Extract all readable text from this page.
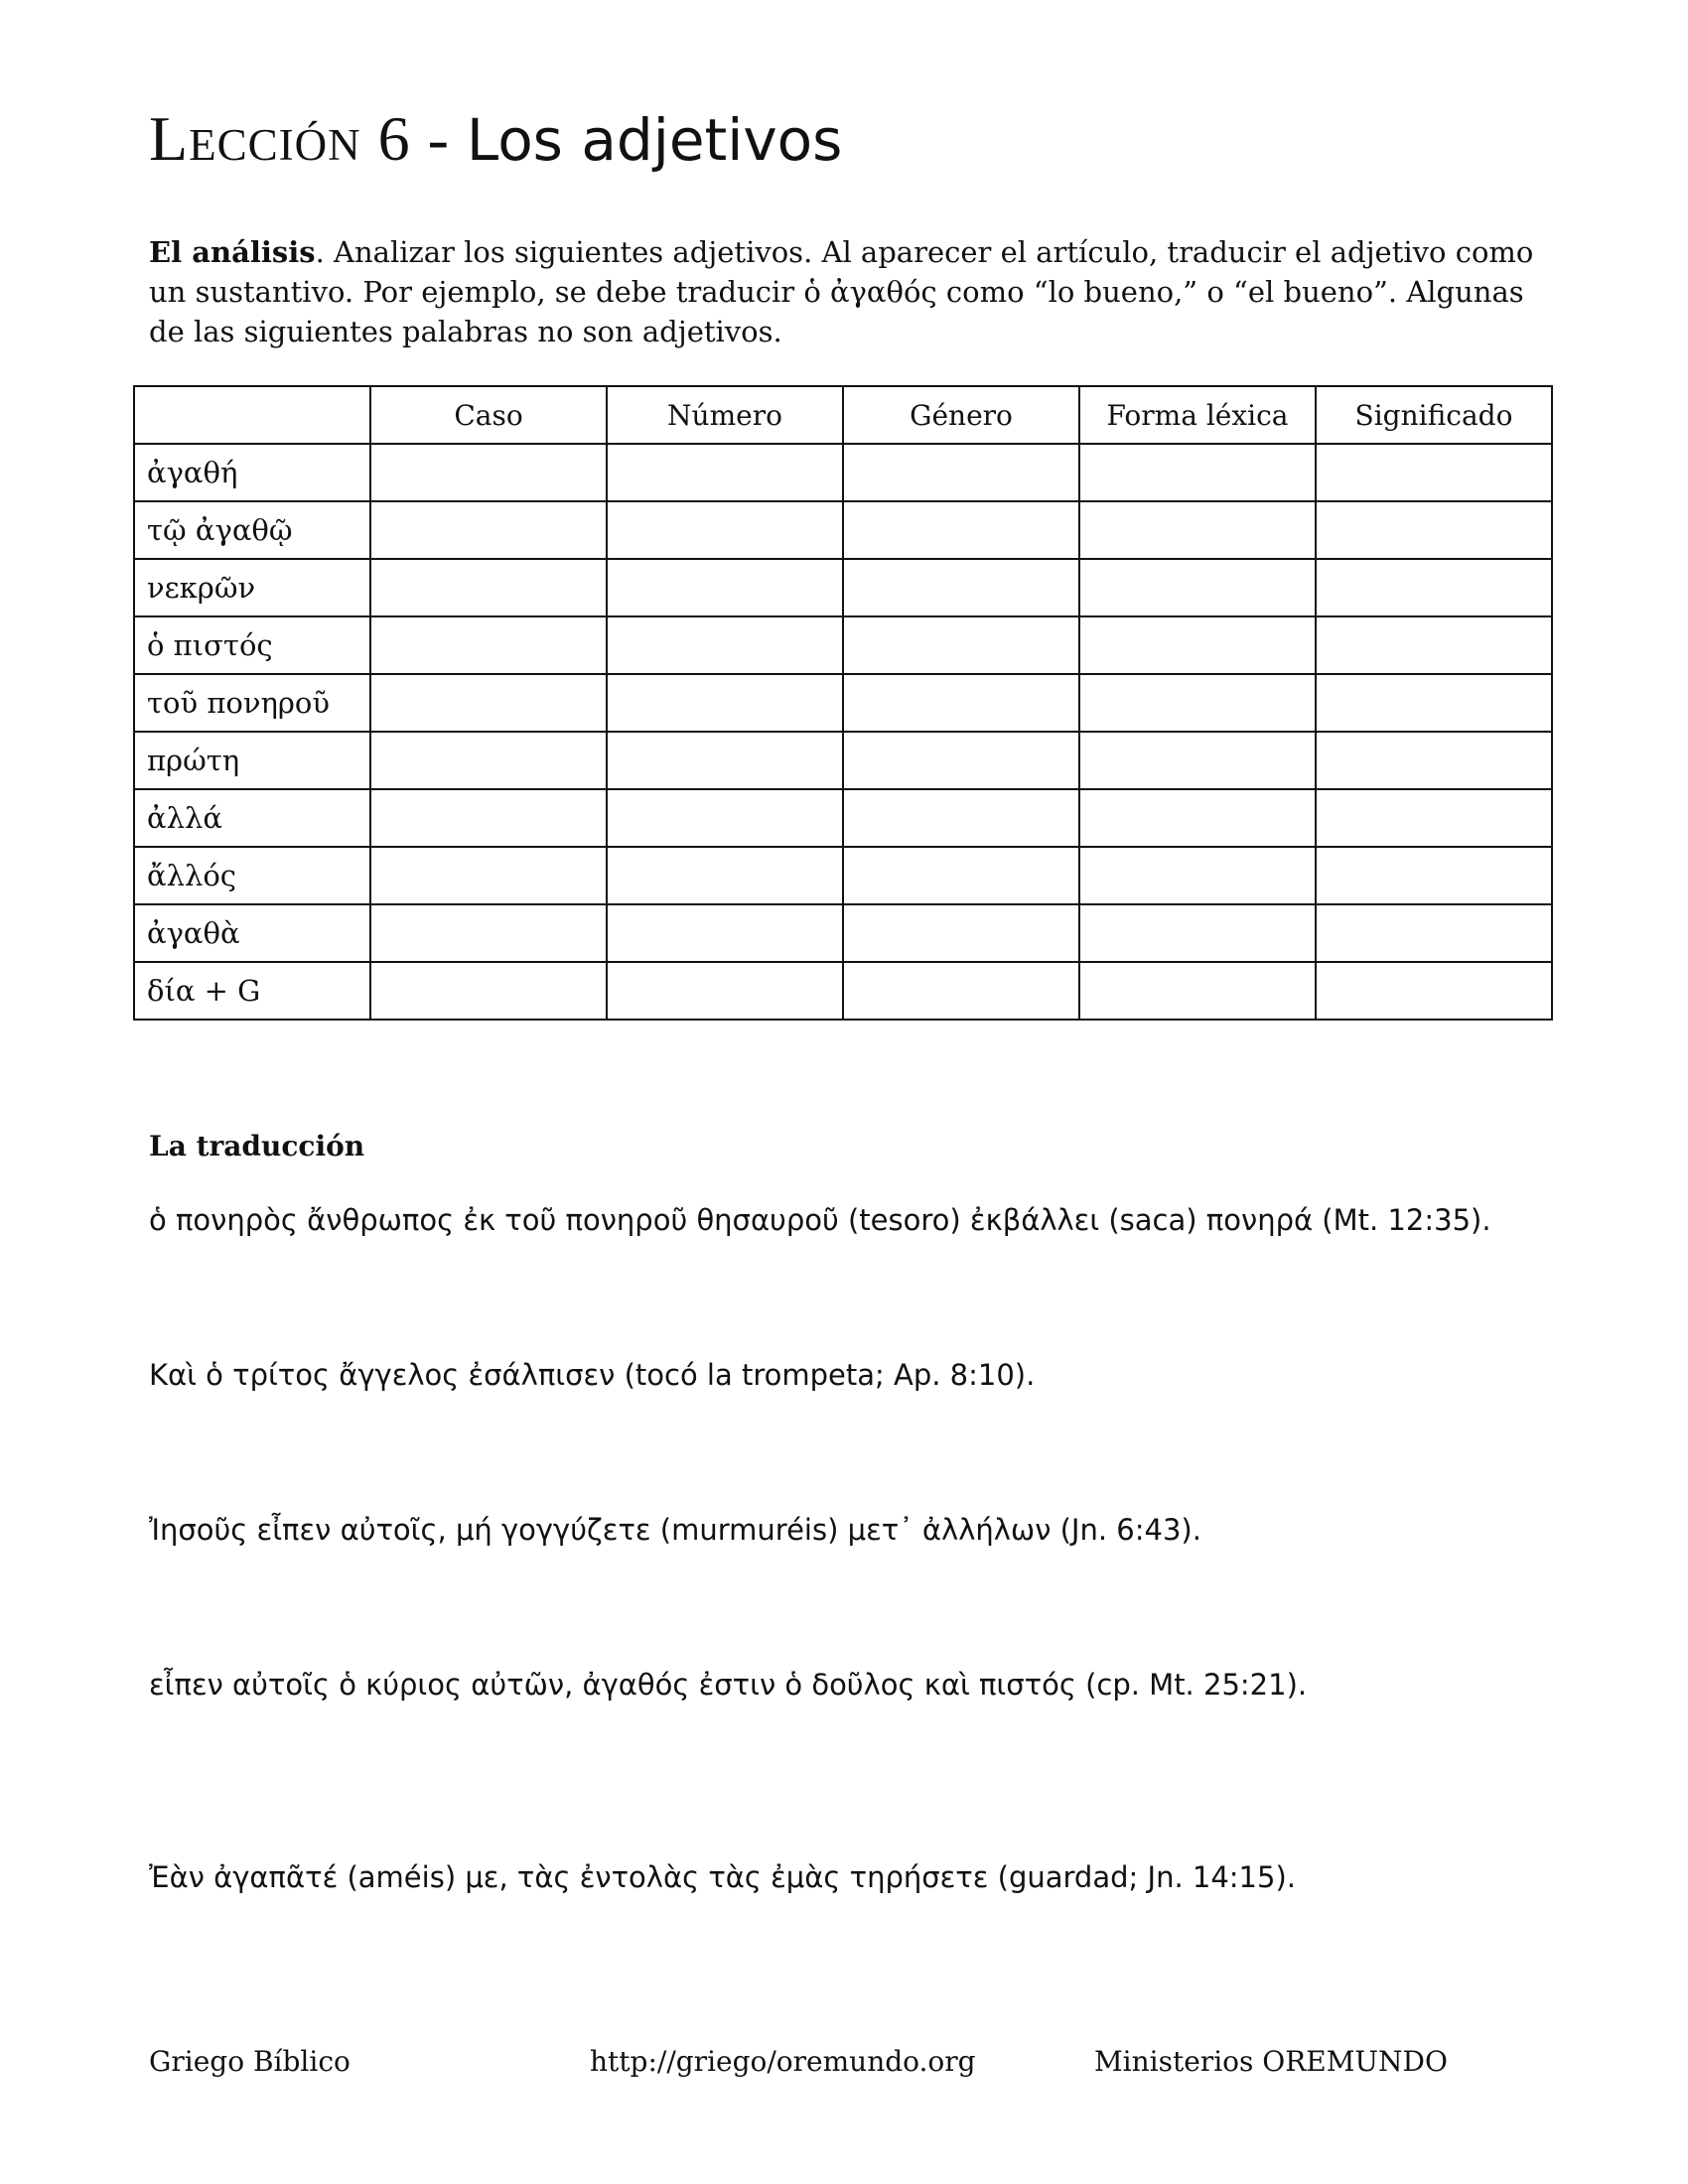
Lección 6 - Los adjetivos

El análisis. Analizar los siguientes adjetivos. Al aparecer el artículo, traducir el adjetivo como un sustantivo. Por ejemplo, se debe traducir ὁ ἀγαθός como “lo bueno,” o “el bueno”. Algunas de las siguientes palabras no son adjetivos.

	Caso	Número	Género	Forma léxica	Significado
ἀγαθή					
τῷ ἀγαθῷ					
νεκρῶν					
ὁ πιστός					
τοῦ πονηροῦ					
πρώτη					
ἀλλά					
ἄλλός					
ἀγαθὰ					
δία + G					
La traducción

ὁ πονηρὸς ἄνθρωπος ἐκ τοῦ πονηροῦ θησαυροῦ (tesoro) ἐκβάλλει (saca) πονηρά (Mt. 12:35).

Καὶ ὁ τρίτος ἄγγελος ἐσάλπισεν (tocó la trompeta; Ap. 8:10).

Ἰησοῦς εἶπεν αὐτοῖς, μή γογγύζετε (murmuréis) μετ᾽ ἀλλήλων (Jn. 6:43).

εἶπεν αὐτοῖς ὁ κύριος αὐτῶν, ἀγαθός ἐστιν ὁ δοῦλος καὶ πιστός (cp. Mt. 25:21).

Ἐὰν ἀγαπᾶτέ (améis) με, τὰς ἐντολὰς τὰς ἐμὰς τηρήσετε (guardad; Jn. 14:15).

Griego Bíblico	http://griego/oremundo.org	Ministerios OREMUNDO
